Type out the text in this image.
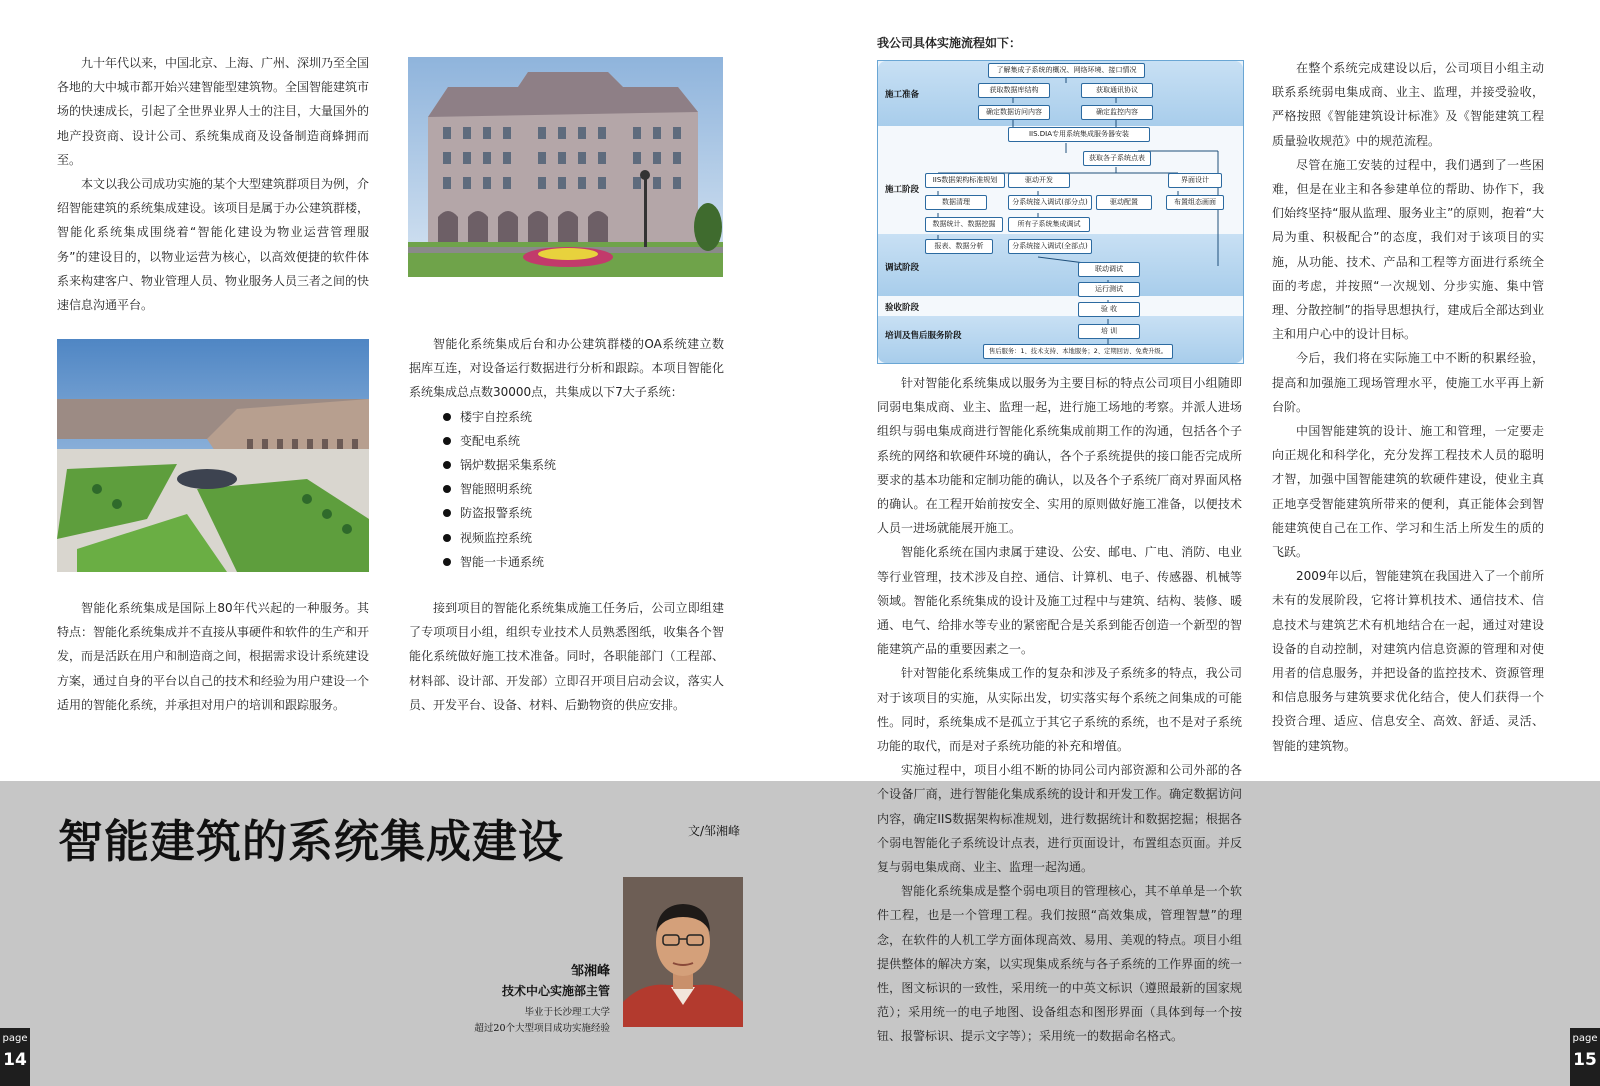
九十年代以来，中国北京、上海、广州、深圳乃至全国各地的大中城市都开始兴建智能型建筑物。全国智能建筑市场的快速成长，引起了全世界业界人士的注目，大量国外的地产投资商、设计公司、系统集成商及设备制造商蜂拥而至。

本文以我公司成功实施的某个大型建筑群项目为例，介绍智能建筑的系统集成建设。该项目是属于办公建筑群楼，智能化系统集成围绕着“智能化建设为物业运营管理服务”的建设目的，以物业运营为核心，以高效便捷的软件体系来构建客户、物业管理人员、物业服务人员三者之间的快速信息沟通平台。

智能化系统集成后台和办公建筑群楼的OA系统建立数据库互连，对设备运行数据进行分析和跟踪。本项目智能化系统集成总点数30000点，共集成以下7大子系统：

楼宇自控系统
变配电系统
锅炉数据采集系统
智能照明系统
防盗报警系统
视频监控系统
智能一卡通系统

智能化系统集成是国际上80年代兴起的一种服务。其特点：智能化系统集成并不直接从事硬件和软件的生产和开发，而是活跃在用户和制造商之间，根据需求设计系统建设方案，通过自身的平台以自己的技术和经验为用户建设一个适用的智能化系统，并承担对用户的培训和跟踪服务。

接到项目的智能化系统集成施工任务后，公司立即组建了专项项目小组，组织专业技术人员熟悉图纸，收集各个智能化系统做好施工技术准备。同时，各职能部门（工程部、材料部、设计部、开发部）立即召开项目启动会议，落实人员、开发平台、设备、材料、后勤物资的供应安排。

智能建筑的系统集成建设	文/邹湘峰
邹湘峰
技术中心实施部主管
毕业于长沙理工大学
超过20个大型项目成功实施经验
page
14
我公司具体实施流程如下：
施工准备
施工阶段
调试阶段
验收阶段
培训及售后服务阶段
了解集成子系统的概况、网络环境、接口情况
获取数据库结构	获取通讯协议
确定数据访问内容	确定监控内容
IIS.DIA专用系统集成服务器安装
获取各子系统点表
IIS数据架构标准规划	驱动开发	界面设计
数据清理	分系统接入调试(部分点)	驱动配置	布置组态画面
数据统计、数据挖掘	所有子系统集成调试
报表、数据分析	分系统接入调试(全部点)
联动调试
运行测试
验 收
培 训
售后服务：1、技术支持、本地服务；2、定期回访、免费升级。

针对智能化系统集成以服务为主要目标的特点公司项目小组随即同弱电集成商、业主、监理一起，进行施工场地的考察。并派人进场组织与弱电集成商进行智能化系统集成前期工作的沟通，包括各个子系统的网络和软硬件环境的确认，各个子系统提供的接口能否完成所要求的基本功能和定制功能的确认，以及各个子系统厂商对界面风格的确认。在工程开始前按安全、实用的原则做好施工准备，以便技术人员一进场就能展开施工。

智能化系统在国内隶属于建设、公安、邮电、广电、消防、电业等行业管理，技术涉及自控、通信、计算机、电子、传感器、机械等领域。智能化系统集成的设计及施工过程中与建筑、结构、装修、暖通、电气、给排水等专业的紧密配合是关系到能否创造一个新型的智能建筑产品的重要因素之一。

针对智能化系统集成工作的复杂和涉及子系统多的特点，我公司对于该项目的实施，从实际出发，切实落实每个系统之间集成的可能性。同时，系统集成不是孤立于其它子系统的系统，也不是对子系统功能的取代，而是对子系统功能的补充和增值。

实施过程中，项目小组不断的协同公司内部资源和公司外部的各个设备厂商，进行智能化集成系统的设计和开发工作。确定数据访问内容，确定IIS数据架构标准规划，进行数据统计和数据挖掘；根据各个弱电智能化子系统设计点表，进行页面设计，布置组态页面。并反复与弱电集成商、业主、监理一起沟通。

智能化系统集成是整个弱电项目的管理核心，其不单单是一个软件工程，也是一个管理工程。我们按照“高效集成，管理智慧”的理念，在软件的人机工学方面体现高效、易用、美观的特点。项目小组提供整体的解决方案，以实现集成系统与各子系统的工作界面的统一性，图文标识的一致性，采用统一的中英文标识（遵照最新的国家规范）；采用统一的电子地图、设备组态和图形界面（具体到每一个按钮、报警标识、提示文字等）；采用统一的数据命名格式。

在整个系统完成建设以后，公司项目小组主动联系系统弱电集成商、业主、监理，并接受验收，严格按照《智能建筑设计标准》及《智能建筑工程质量验收规范》中的规范流程。

尽管在施工安装的过程中，我们遇到了一些困难，但是在业主和各参建单位的帮助、协作下，我们始终坚持“服从监理、服务业主”的原则，抱着“大局为重、积极配合”的态度，我们对于该项目的实施，从功能、技术、产品和工程等方面进行系统全面的考虑，并按照“一次规划、分步实施、集中管理、分散控制”的指导思想执行，建成后全部达到业主和用户心中的设计目标。

今后，我们将在实际施工中不断的积累经验，提高和加强施工现场管理水平，使施工水平再上新台阶。

中国智能建筑的设计、施工和管理，一定要走向正规化和科学化，充分发挥工程技术人员的聪明才智，加强中国智能建筑的软硬件建设，使业主真正地享受智能建筑所带来的便利，真正能体会到智能建筑使自己在工作、学习和生活上所发生的质的飞跃。

2009年以后，智能建筑在我国进入了一个前所未有的发展阶段，它将计算机技术、通信技术、信息技术与建筑艺术有机地结合在一起，通过对建设设备的自动控制，对建筑内信息资源的管理和对使用者的信息服务，并把设备的监控技术、资源管理和信息服务与建筑要求优化结合，使人们获得一个投资合理、适应、信息安全、高效、舒适、灵活、智能的建筑物。

page
15
